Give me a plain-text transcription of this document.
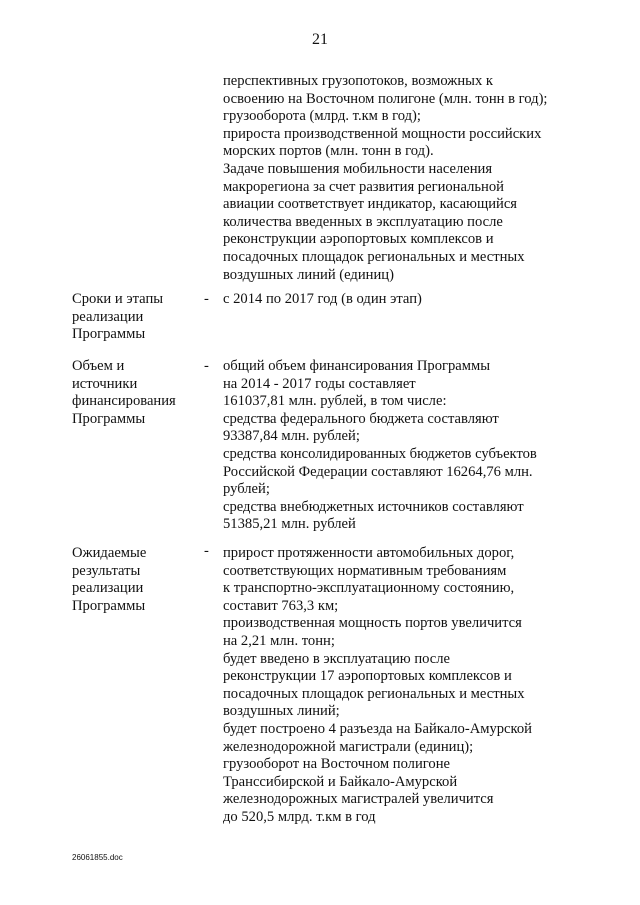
21
перспективных грузопотоков, возможных к
освоению на Восточном полигоне (млн. тонн в год);
грузооборота (млрд. т.км в год);
прироста производственной мощности российских
морских портов (млн. тонн в год).
Задаче повышения мобильности населения
макрорегиона за счет развития региональной
авиации соответствует индикатор, касающийся
количества введенных в эксплуатацию после
реконструкции аэропортовых комплексов и
посадочных площадок региональных и местных
воздушных линий (единиц)
Сроки и этапы
реализации
Программы
- с 2014 по 2017 год (в один этап)
Объем и
источники
финансирования
Программы
- общий объем финансирования Программы
на 2014 - 2017 годы составляет
161037,81 млн. рублей, в том числе:
средства федерального бюджета составляют
93387,84 млн. рублей;
средства консолидированных бюджетов субъектов
Российской Федерации составляют 16264,76 млн.
рублей;
средства внебюджетных источников составляют
51385,21 млн. рублей
Ожидаемые
результаты
реализации
Программы
- прирост протяженности автомобильных дорог,
соответствующих нормативным требованиям
к транспортно-эксплуатационному состоянию,
составит 763,3 км;
производственная мощность портов увеличится
на 2,21 млн. тонн;
будет введено в эксплуатацию после
реконструкции 17 аэропортовых комплексов и
посадочных площадок региональных и местных
воздушных линий;
будет построено 4 разъезда на Байкало-Амурской
железнодорожной магистрали (единиц);
грузооборот на Восточном полигоне
Транссибирской и Байкало-Амурской
железнодорожных магистралей увеличится
до 520,5 млрд. т.км в год
26061855.doc
